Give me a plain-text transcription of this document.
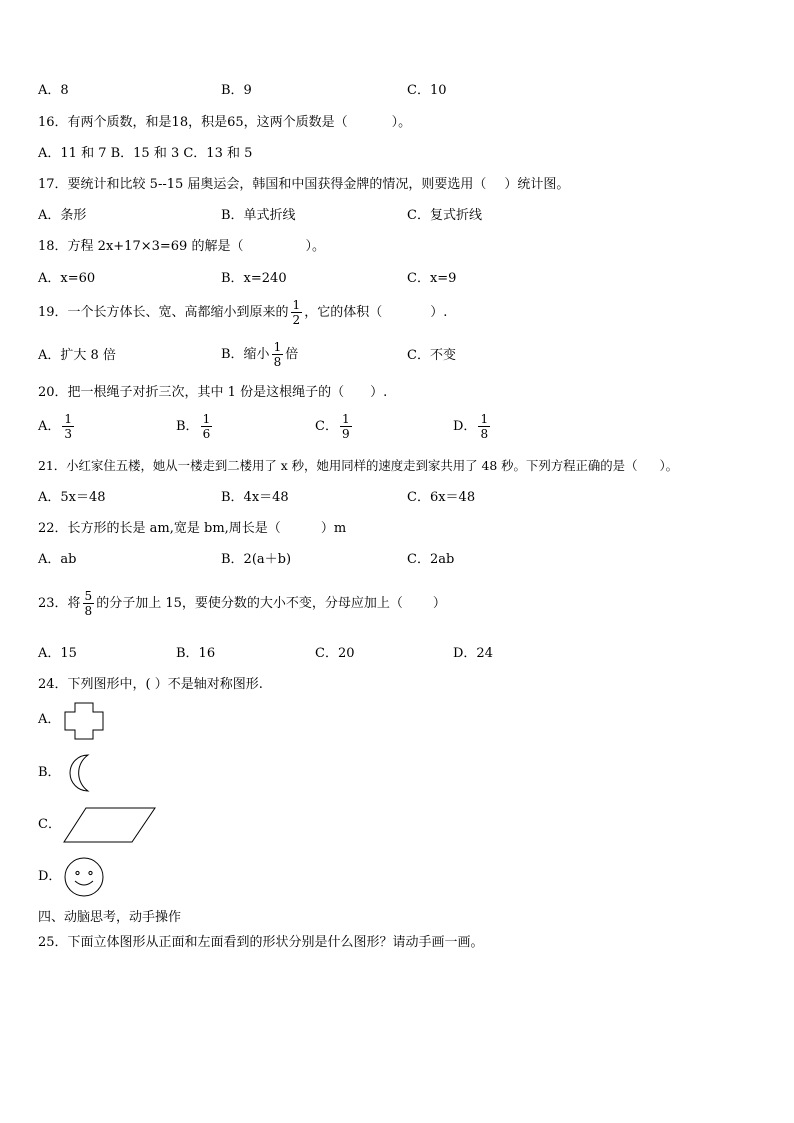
A．8	B．9	C．10
16．有两个质数，和是18，积是65，这两个质数是（	）。
A．11 和 7 B．15 和 3 C．13 和 5
17．要统计和比较 5--15 届奥运会，韩国和中国获得金牌的情况，则要选用（ ）统计图。
A．条形	B．单式折线	C．复式折线
18．方程 2x+17×3=69 的解是（	）。
A．x=60	B．x=240	C．x=9
19．一个长方体长、宽、高都缩小到原来的 $\frac{1}{2}$ ，它的体积（	）.
A．扩大 8 倍	B．缩小 $\frac{1}{8}$ 倍	C．不变
20．把一根绳子对折三次，其中 1 份是这根绳子的（ ）.
A． $\frac{1}{3}$	B． $\frac{1}{6}$	C． $\frac{1}{9}$	D． $\frac{1}{8}$
21．小红家住五楼，她从一楼走到二楼用了 x 秒，她用同样的速度走到家共用了 48 秒。下列方程正确的是（ ）。
A．5x＝48	B．4x＝48	C．6x＝48
22．长方形的长是 am,宽是 bm,周长是（	）m
A．ab	B．2(a＋b)	C．2ab
23．将 $\frac{5}{8}$ 的分子加上 15，要使分数的大小不变，分母应加上（ ）
A．15	B．16	C．20	D．24
24．下列图形中，( ）不是轴对称图形.
A．
B．
C．
D．
四、动脑思考，动手操作
25．下面立体图形从正面和左面看到的形状分别是什么图形？请动手画一画。
